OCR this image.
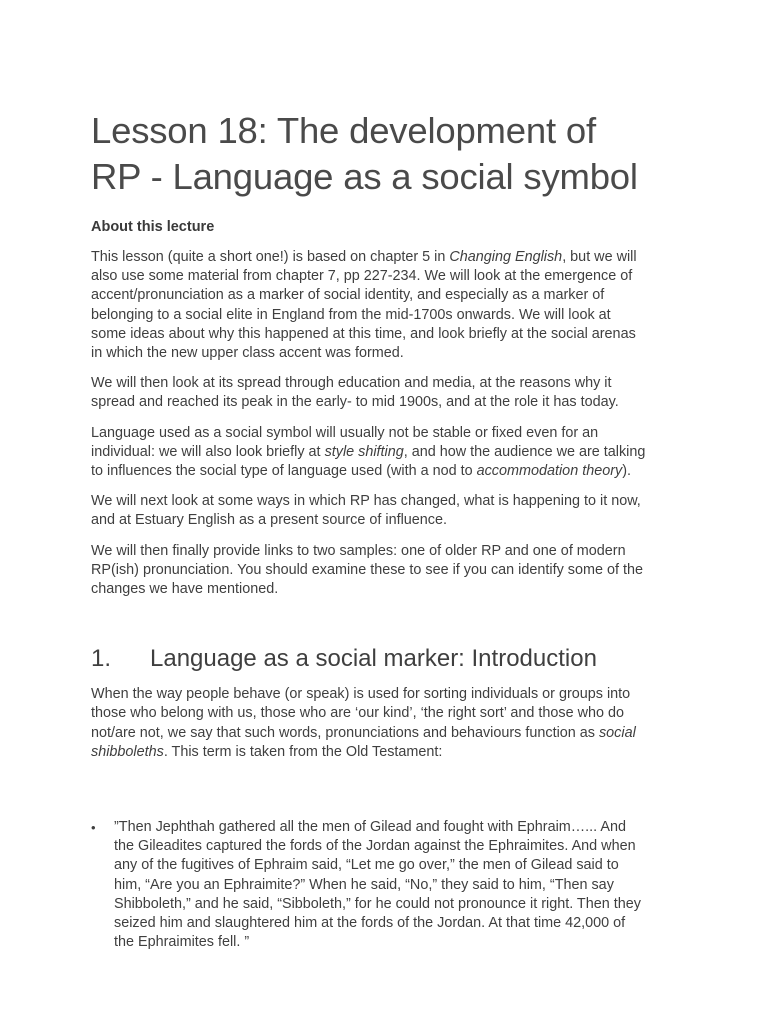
Lesson 18: The development of
RP - Language as a social symbol
About this lecture

This lesson (quite a short one!) is based on chapter 5 in Changing English, but we will
also use some material from chapter 7, pp 227-234. We will look at the emergence of
accent/pronunciation as a marker of social identity, and especially as a marker of
belonging to a social elite in England from the mid-1700s onwards. We will look at
some ideas about why this happened at this time, and look briefly at the social arenas
in which the new upper class accent was formed.

We will then look at its spread through education and media, at the reasons why it
spread and reached its peak in the early- to mid 1900s, and at the role it has today.

Language used as a social symbol will usually not be stable or fixed even for an
individual: we will also look briefly at style shifting, and how the audience we are talking
to influences the social type of language used (with a nod to accommodation theory).

We will next look at some ways in which RP has changed, what is happening to it now,
and at Estuary English as a present source of influence.

We will then finally provide links to two samples: one of older RP and one of modern
RP(ish) pronunciation. You should examine these to see if you can identify some of the
changes we have mentioned.

1. Language as a social marker: Introduction

When the way people behave (or speak) is used for sorting individuals or groups into
those who belong with us, those who are ‘our kind’, ‘the right sort’ and those who do
not/are not, we say that such words, pronunciations and behaviours function as social
shibboleths. This term is taken from the Old Testament:

• ”Then Jephthah gathered all the men of Gilead and fought with Ephraim…... And
the Gileadites captured the fords of the Jordan against the Ephraimites. And when
any of the fugitives of Ephraim said, “Let me go over,” the men of Gilead said to
him, “Are you an Ephraimite?” When he said, “No,” they said to him, “Then say
Shibboleth,” and he said, “Sibboleth,” for he could not pronounce it right. Then they
seized him and slaughtered him at the fords of the Jordan. At that time 42,000 of
the Ephraimites fell. ”
